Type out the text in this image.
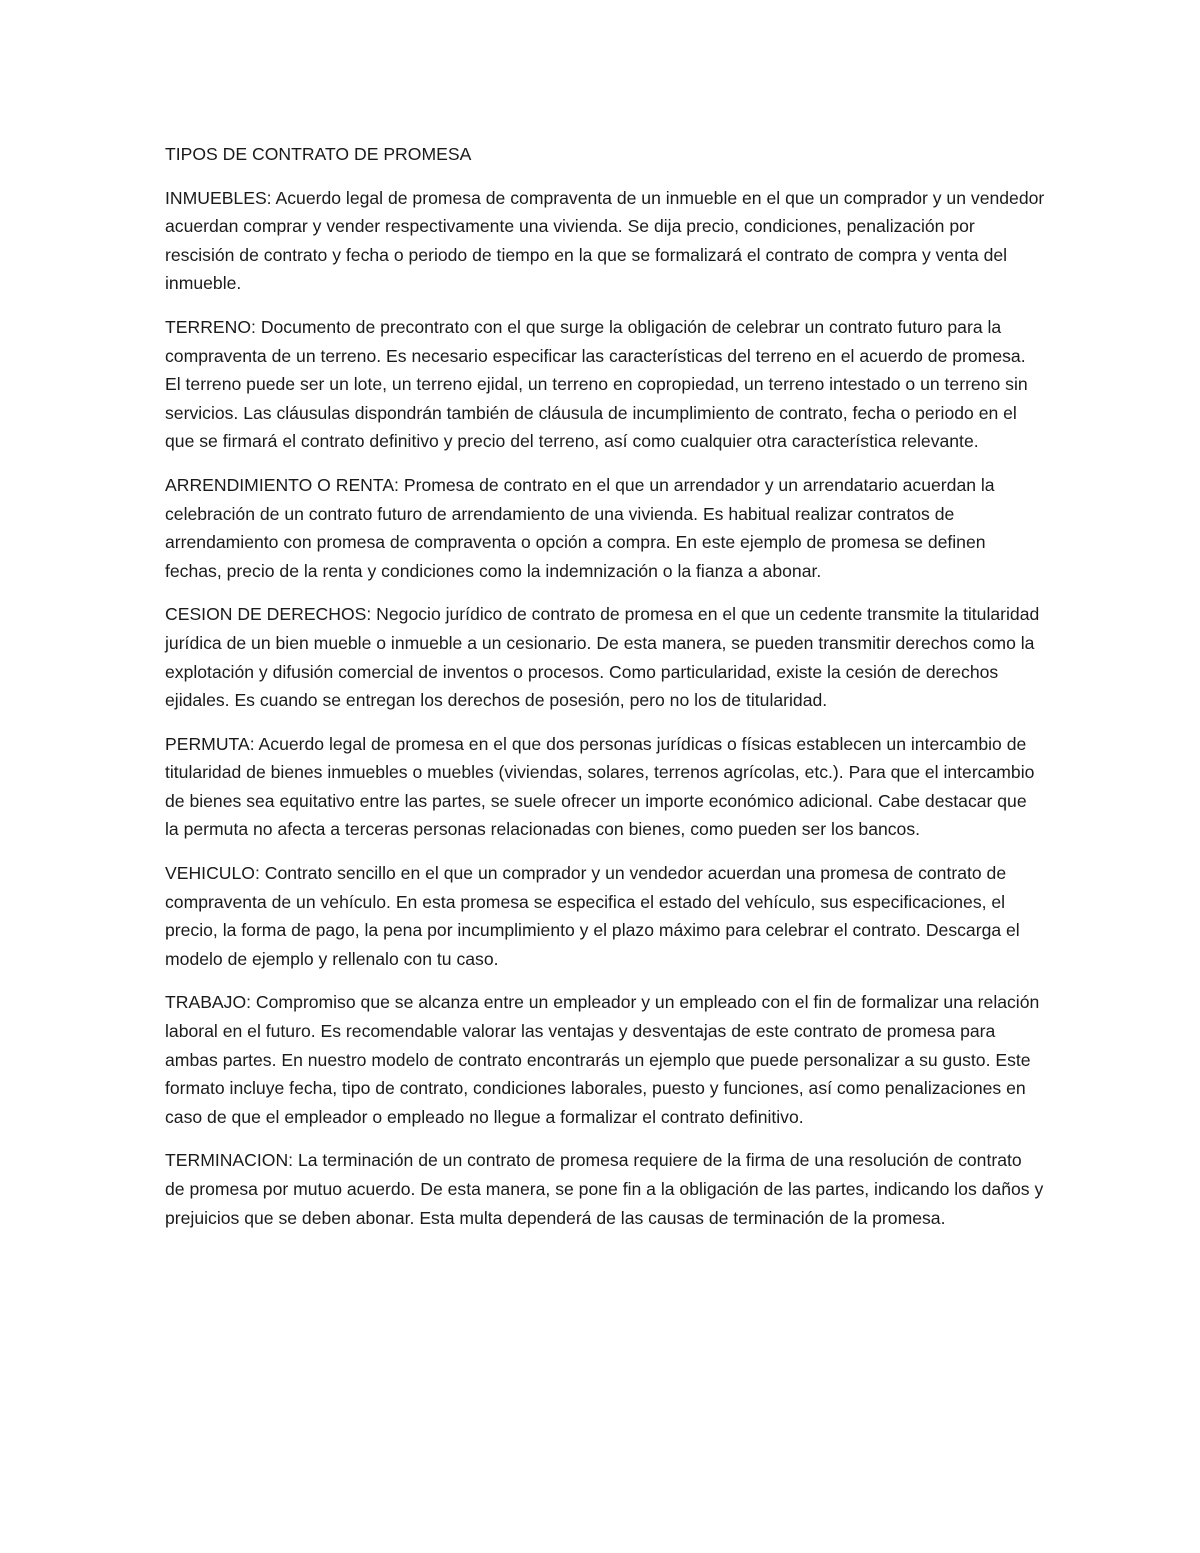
TIPOS DE CONTRATO DE PROMESA

INMUEBLES: Acuerdo legal de promesa de compraventa de un inmueble en el que un comprador y un vendedor acuerdan comprar y vender respectivamente una vivienda. Se dija precio, condiciones, penalización por rescisión de contrato y fecha o periodo de tiempo en la que se formalizará el contrato de compra y venta del inmueble.

TERRENO: Documento de precontrato con el que surge la obligación de celebrar un contrato futuro para la compraventa de un terreno. Es necesario especificar las características del terreno en el acuerdo de promesa. El terreno puede ser un lote, un terreno ejidal, un terreno en copropiedad, un terreno intestado o un terreno sin servicios. Las cláusulas dispondrán también de cláusula de incumplimiento de contrato, fecha o periodo en el que se firmará el contrato definitivo y precio del terreno, así como cualquier otra característica relevante.

ARRENDIMIENTO O RENTA: Promesa de contrato en el que un arrendador y un arrendatario acuerdan la celebración de un contrato futuro de arrendamiento de una vivienda. Es habitual realizar contratos de arrendamiento con promesa de compraventa o opción a compra. En este ejemplo de promesa se definen fechas, precio de la renta y condiciones como la indemnización o la fianza a abonar.

CESION DE DERECHOS: Negocio jurídico de contrato de promesa en el que un cedente transmite la titularidad jurídica de un bien mueble o inmueble a un cesionario. De esta manera, se pueden transmitir derechos como la explotación y difusión comercial de inventos o procesos. Como particularidad, existe la cesión de derechos ejidales. Es cuando se entregan los derechos de posesión, pero no los de titularidad.

PERMUTA: Acuerdo legal de promesa en el que dos personas jurídicas o físicas establecen un intercambio de titularidad de bienes inmuebles o muebles (viviendas, solares, terrenos agrícolas, etc.). Para que el intercambio de bienes sea equitativo entre las partes, se suele ofrecer un importe económico adicional. Cabe destacar que la permuta no afecta a terceras personas relacionadas con bienes, como pueden ser los bancos.

VEHICULO: Contrato sencillo en el que un comprador y un vendedor acuerdan una promesa de contrato de compraventa de un vehículo. En esta promesa se especifica el estado del vehículo, sus especificaciones, el precio, la forma de pago, la pena por incumplimiento y el plazo máximo para celebrar el contrato. Descarga el modelo de ejemplo y rellenalo con tu caso.

TRABAJO: Compromiso que se alcanza entre un empleador y un empleado con el fin de formalizar una relación laboral en el futuro. Es recomendable valorar las ventajas y desventajas de este contrato de promesa para ambas partes. En nuestro modelo de contrato encontrarás un ejemplo que puede personalizar a su gusto. Este formato incluye fecha, tipo de contrato, condiciones laborales, puesto y funciones, así como penalizaciones en caso de que el empleador o empleado no llegue a formalizar el contrato definitivo.

TERMINACION: La terminación de un contrato de promesa requiere de la firma de una resolución de contrato de promesa por mutuo acuerdo. De esta manera, se pone fin a la obligación de las partes, indicando los daños y prejuicios que se deben abonar. Esta multa dependerá de las causas de terminación de la promesa.
